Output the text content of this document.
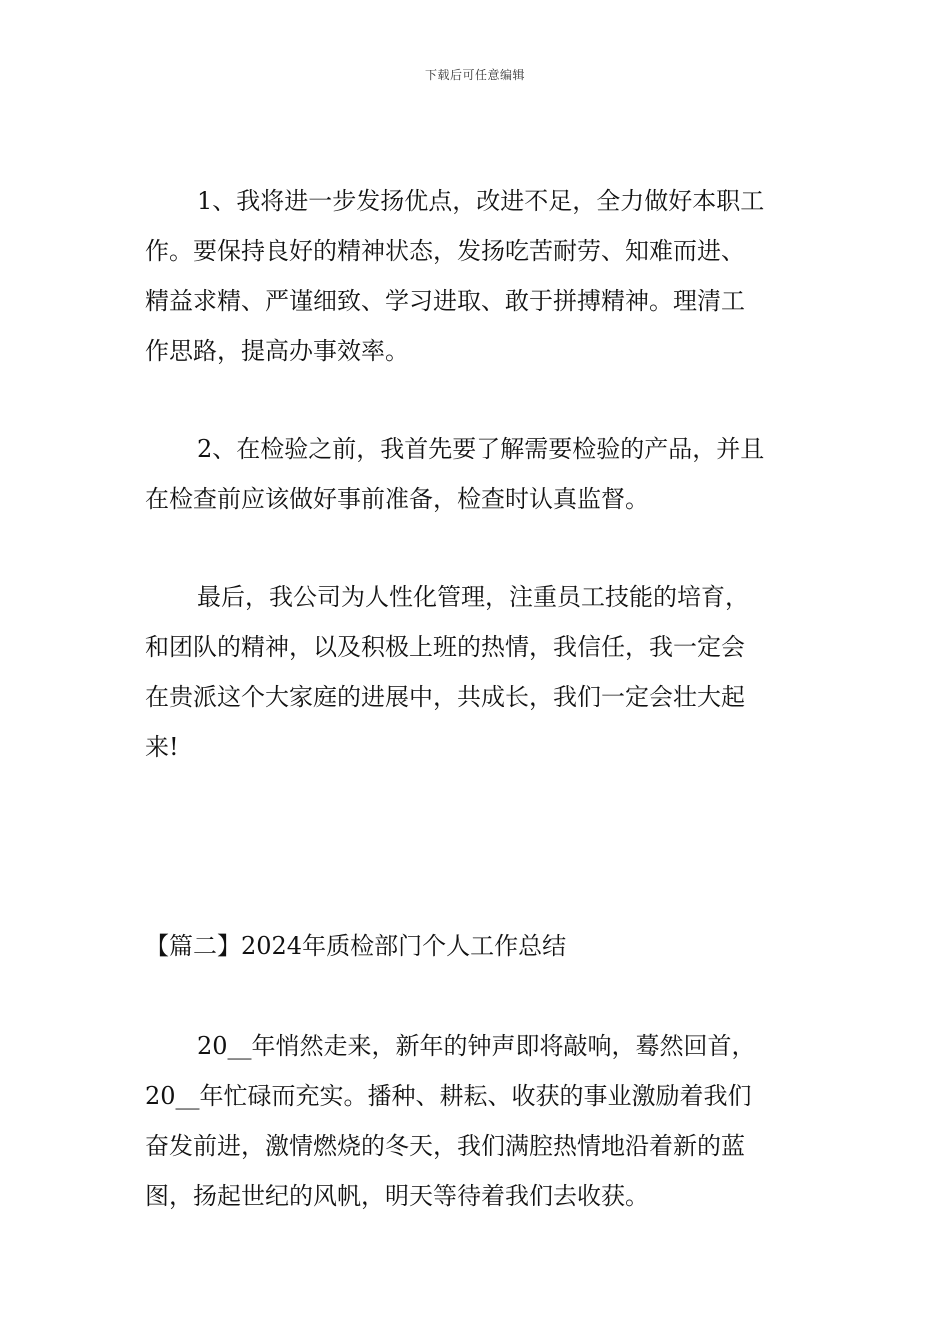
下载后可任意编辑
1、我将进一步发扬优点，改进不足，全力做好本职工
作。要保持良好的精神状态，发扬吃苦耐劳、知难而进、
精益求精、严谨细致、学习进取、敢于拼搏精神。理清工
作思路，提高办事效率。
2、在检验之前，我首先要了解需要检验的产品，并且
在检查前应该做好事前准备，检查时认真监督。
最后，我公司为人性化管理，注重员工技能的培育，
和团队的精神，以及积极上班的热情，我信任，我一定会
在贵派这个大家庭的进展中，共成长，我们一定会壮大起
来!
【篇二】2024年质检部门个人工作总结
20__年悄然走来，新年的钟声即将敲响，蓦然回首，
20__年忙碌而充实。播种、耕耘、收获的事业激励着我们
奋发前进，激情燃烧的冬天，我们满腔热情地沿着新的蓝
图，扬起世纪的风帆，明天等待着我们去收获。
